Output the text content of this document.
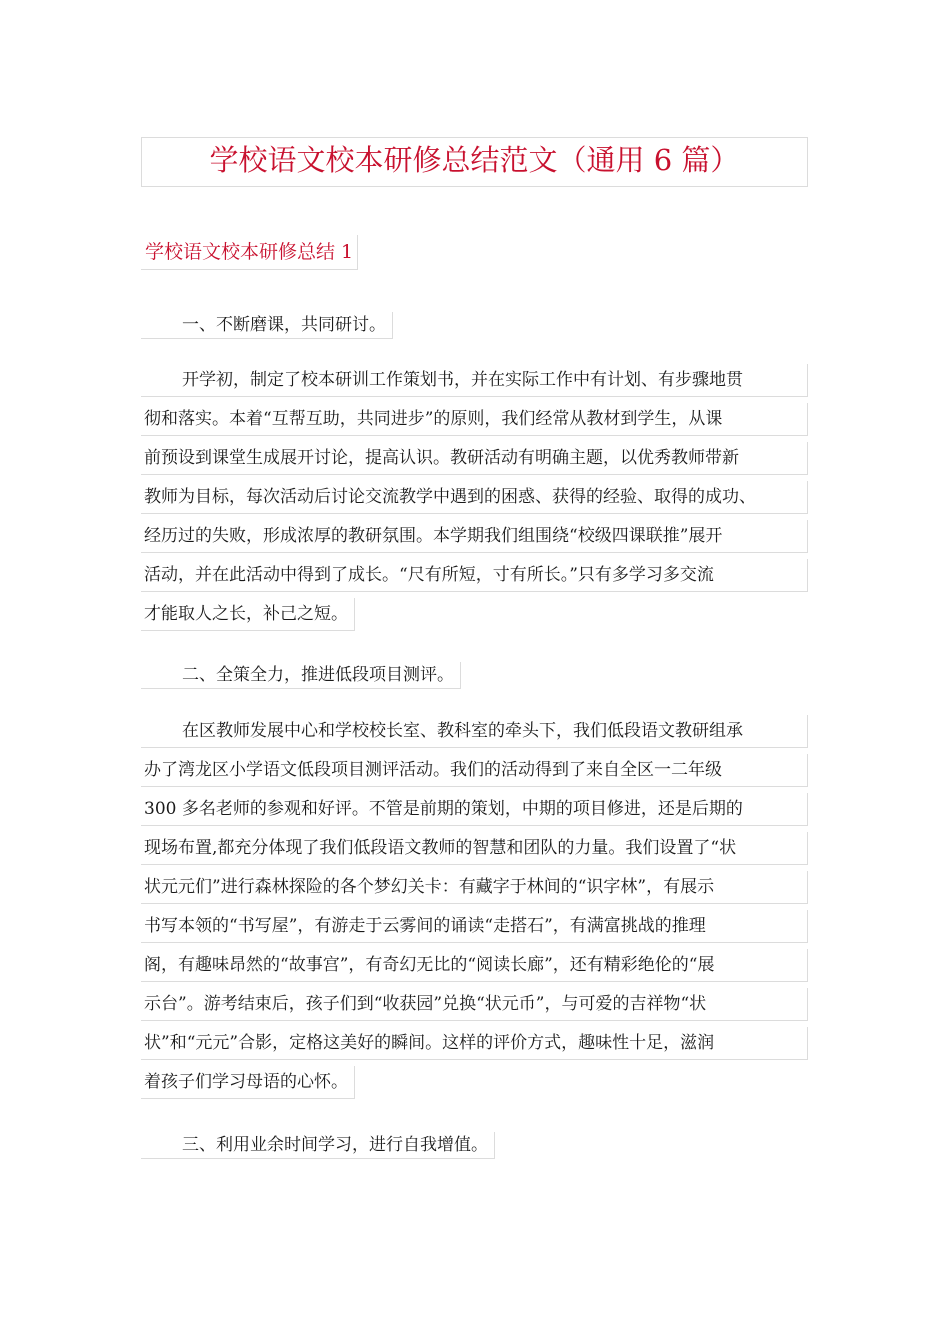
学校语文校本研修总结范文（通用 6 篇）
学校语文校本研修总结 1
一、不断磨课，共同研讨。
开学初，制定了校本研训工作策划书，并在实际工作中有计划、有步骤地贯
彻和落实。本着“互帮互助，共同进步”的原则，我们经常从教材到学生，从课
前预设到课堂生成展开讨论，提高认识。教研活动有明确主题，以优秀教师带新
教师为目标，每次活动后讨论交流教学中遇到的困惑、获得的经验、取得的成功、
经历过的失败，形成浓厚的教研氛围。本学期我们组围绕“校级四课联推”展开
活动，并在此活动中得到了成长。“尺有所短，寸有所长。”只有多学习多交流
才能取人之长，补己之短。
二、全策全力，推进低段项目测评。
在区教师发展中心和学校校长室、教科室的牵头下，我们低段语文教研组承
办了湾龙区小学语文低段项目测评活动。我们的活动得到了来自全区一二年级
300 多名老师的参观和好评。不管是前期的策划，中期的项目修进，还是后期的
现场布置,都充分体现了我们低段语文教师的智慧和团队的力量。我们设置了“状
状元元们”进行森林探险的各个梦幻关卡：有藏字于林间的“识字林”，有展示
书写本领的“书写屋”，有游走于云雾间的诵读“走搭石”，有满富挑战的推理
阁，有趣味昂然的“故事宫”，有奇幻无比的“阅读长廊”，还有精彩绝伦的“展
示台”。游考结束后，孩子们到“收获园”兑换“状元币”，与可爱的吉祥物“状
状”和“元元”合影，定格这美好的瞬间。这样的评价方式，趣味性十足，滋润
着孩子们学习母语的心怀。
三、利用业余时间学习，进行自我增值。
